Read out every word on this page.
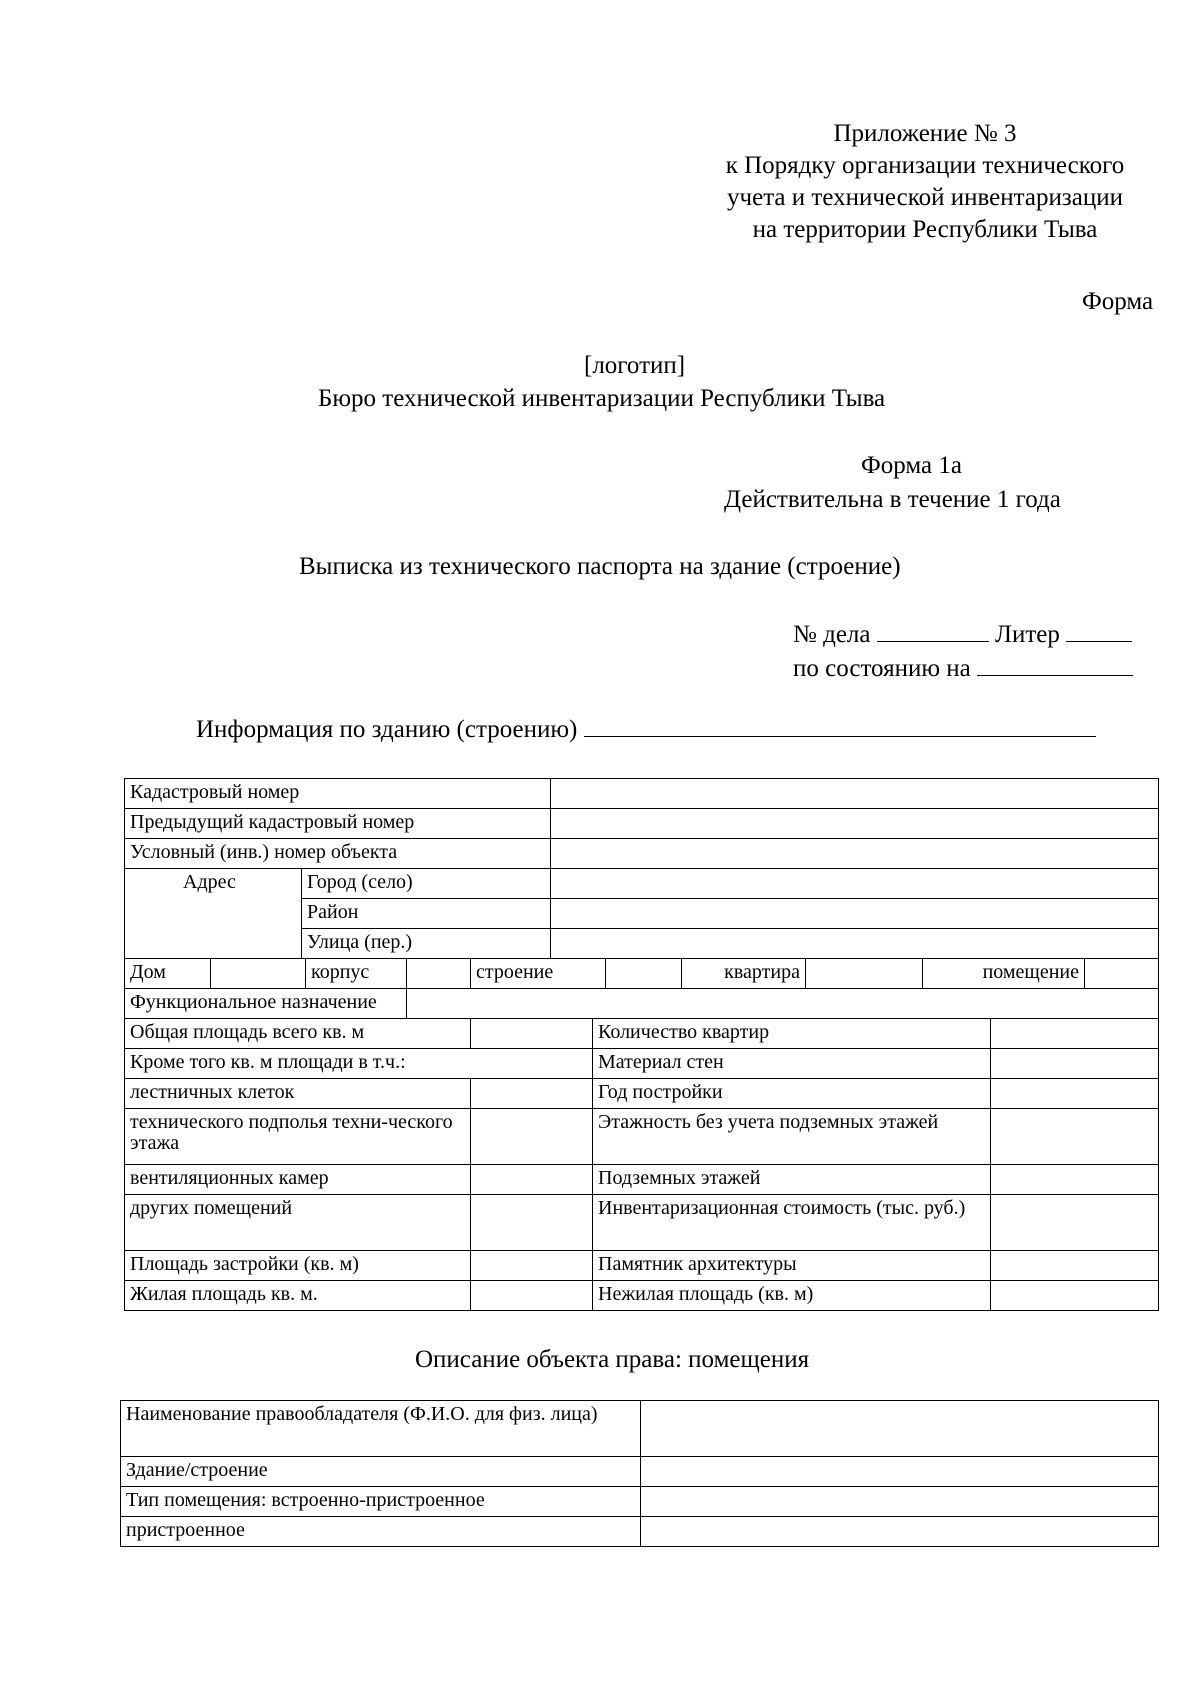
Приложение № 3
к Порядку организации технического
учета и технической инвентаризации
на территории Республики Тыва
Форма
[логотип]
Бюро технической инвентаризации Республики Тыва
Форма 1а
Действительна в течение 1 года
Выписка из технического паспорта на здание (строение)
№ дела	Литер
по состоянию на
Информация по зданию (строению)
Кадастровый номер		
Предыдущий кадастровый номер		
Условный (инв.) номер объекта		
Адрес	Город (село)	
	Район	
	Улица (пер.)	
Дом		корпус		строение		квартира		помещение	
Функциональное назначение									
Общая площадь всего кв. м		Количество квартир	
Кроме того кв. м площади в т.ч.:		Материал стен	
лестничных клеток		Год постройки	
технического подполья техни-ческого этажа		Этажность без учета подземных этажей	
вентиляционных камер		Подземных этажей	
других помещений		Инвентаризационная стоимость (тыс. руб.)	
Площадь застройки (кв. м)		Памятник архитектуры	
Жилая площадь кв. м.		Нежилая площадь (кв. м)	
Описание объекта права: помещения
Наименование правообладателя (Ф.И.О. для физ. лица)	
Здание/строение	
Тип помещения: встроенно-пристроенное	
пристроенное	
